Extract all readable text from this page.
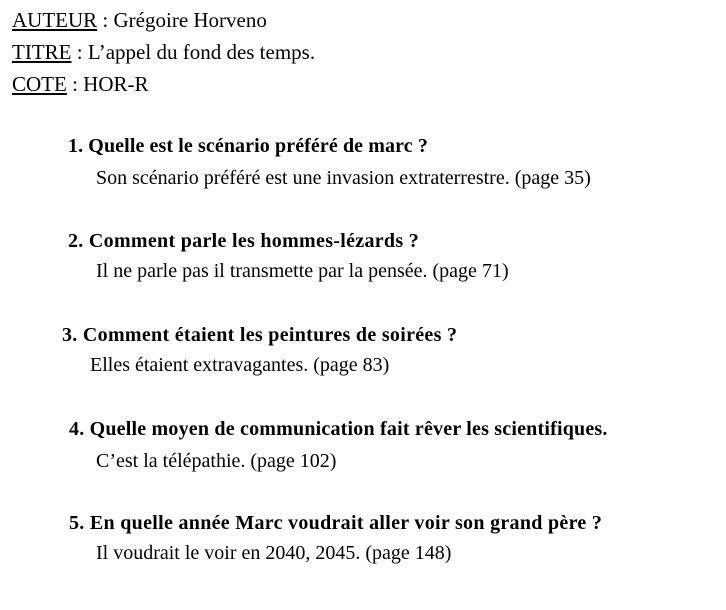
AUTEUR : Grégoire Horveno
TITRE : L’appel du fond des temps.
COTE : HOR-R
1. Quelle est le scénario préféré de marc ?
Son scénario préféré est une invasion extraterrestre. (page 35)
2. Comment parle les hommes-lézards ?
Il ne parle pas il transmette par la pensée. (page 71)
3. Comment étaient les peintures de soirées ?
Elles étaient extravagantes. (page 83)
4. Quelle moyen de communication fait rêver les scientifiques.
C’est la télépathie. (page 102)
5. En quelle année Marc voudrait aller voir son grand père ?
Il voudrait le voir en 2040, 2045. (page 148)
